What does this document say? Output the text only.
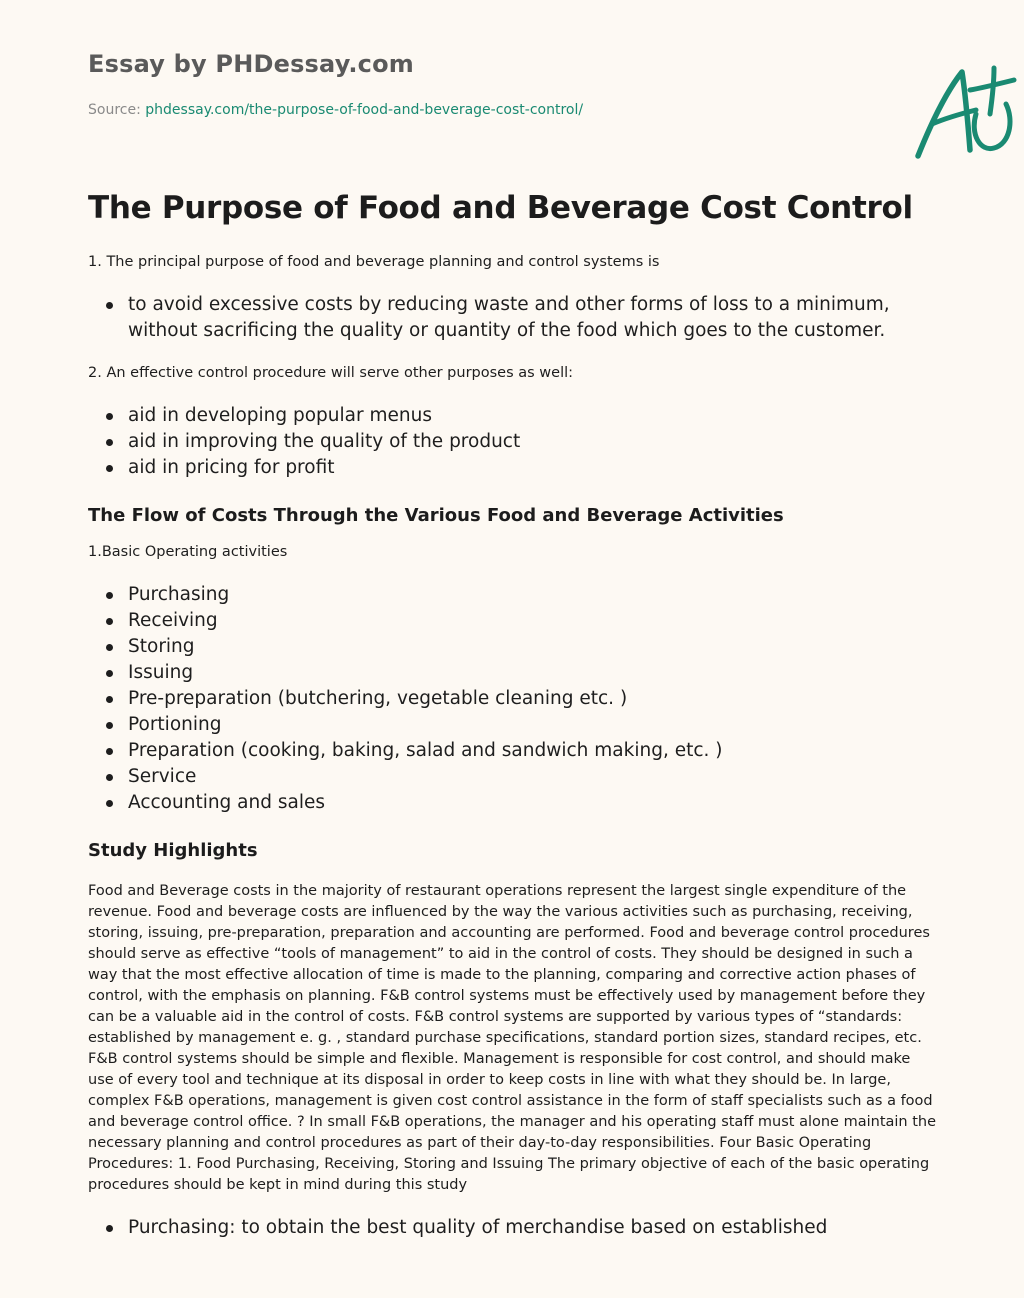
Essay by PHDessay.com
Source: phdessay.com/the-purpose-of-food-and-beverage-cost-control/
The Purpose of Food and Beverage Cost Control

1. The principal purpose of food and beverage planning and control systems is

to avoid excessive costs by reducing waste and other forms of loss to a minimum, without sacrificing the quality or quantity of the food which goes to the customer.

2. An effective control procedure will serve other purposes as well:

aid in developing popular menus
aid in improving the quality of the product
aid in pricing for profit
The Flow of Costs Through the Various Food and Beverage Activities

1.Basic Operating activities

Purchasing
Receiving
Storing
Issuing
Pre-preparation (butchering, vegetable cleaning etc. )
Portioning
Preparation (cooking, baking, salad and sandwich making, etc. )
Service
Accounting and sales
Study Highlights

Food and Beverage costs in the majority of restaurant operations represent the largest single expenditure of the revenue. Food and beverage costs are influenced by the way the various activities such as purchasing, receiving, storing, issuing, pre-preparation, preparation and accounting are performed. Food and beverage control procedures should serve as effective “tools of management” to aid in the control of costs. They should be designed in such a way that the most effective allocation of time is made to the planning, comparing and corrective action phases of control, with the emphasis on planning. F&B control systems must be effectively used by management before they can be a valuable aid in the control of costs. F&B control systems are supported by various types of “standards: established by management e. g. , standard purchase specifications, standard portion sizes, standard recipes, etc. F&B control systems should be simple and flexible. Management is responsible for cost control, and should make use of every tool and technique at its disposal in order to keep costs in line with what they should be. In large, complex F&B operations, management is given cost control assistance in the form of staff specialists such as a food and beverage control office. ? In small F&B operations, the manager and his operating staff must alone maintain the necessary planning and control procedures as part of their day-to-day responsibilities. Four Basic Operating Procedures: 1. Food Purchasing, Receiving, Storing and Issuing The primary objective of each of the basic operating procedures should be kept in mind during this study

Purchasing: to obtain the best quality of merchandise based on established
